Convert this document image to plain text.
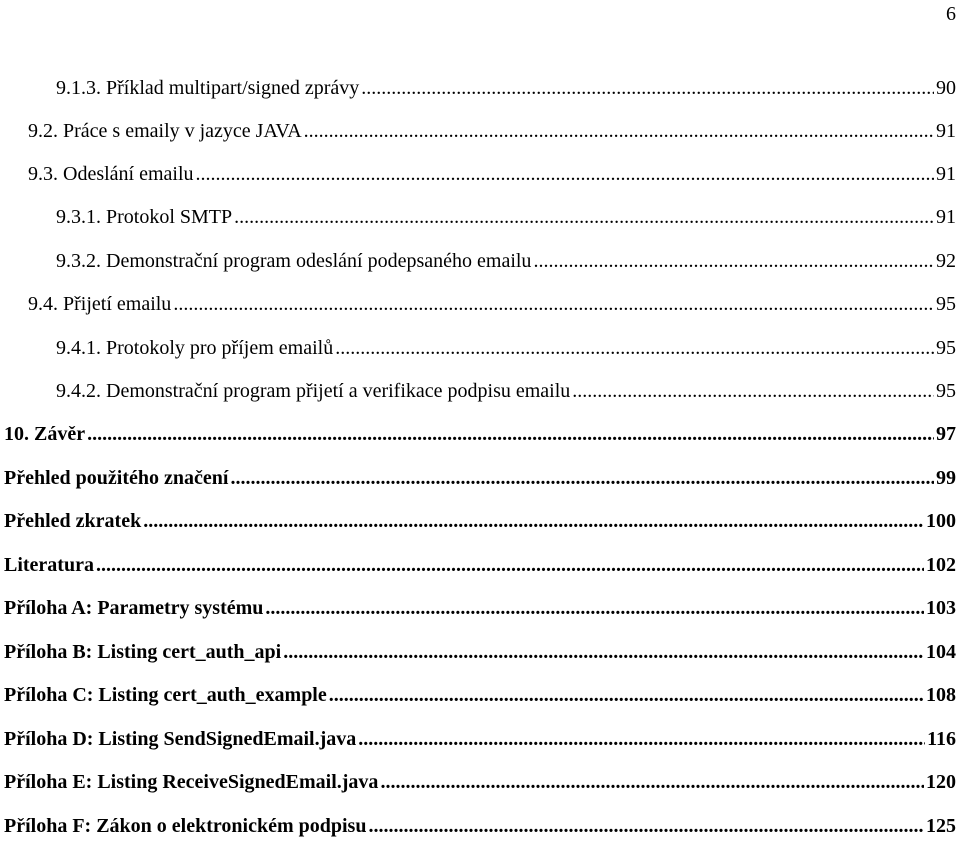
6
9.1.3. Příklad multipart/signed zprávy .....	90
9.2. Práce s emaily v jazyce JAVA .....	91
9.3. Odeslání emailu .....	91
9.3.1. Protokol SMTP .....	91
9.3.2. Demonstrační program odeslání podepsaného emailu .....	92
9.4. Přijetí emailu .....	95
9.4.1. Protokoly pro příjem emailů .....	95
9.4.2. Demonstrační program přijetí a verifikace podpisu emailu .....	95
10. Závěr .....	97
Přehled použitého značení .....	99
Přehled zkratek .....	100
Literatura .....	102
Příloha A: Parametry systému .....	103
Příloha B: Listing cert_auth_api .....	104
Příloha C: Listing cert_auth_example .....	108
Příloha D: Listing SendSignedEmail.java .....	116
Příloha E: Listing ReceiveSignedEmail.java .....	120
Příloha F: Zákon o elektronickém podpisu .....	125
